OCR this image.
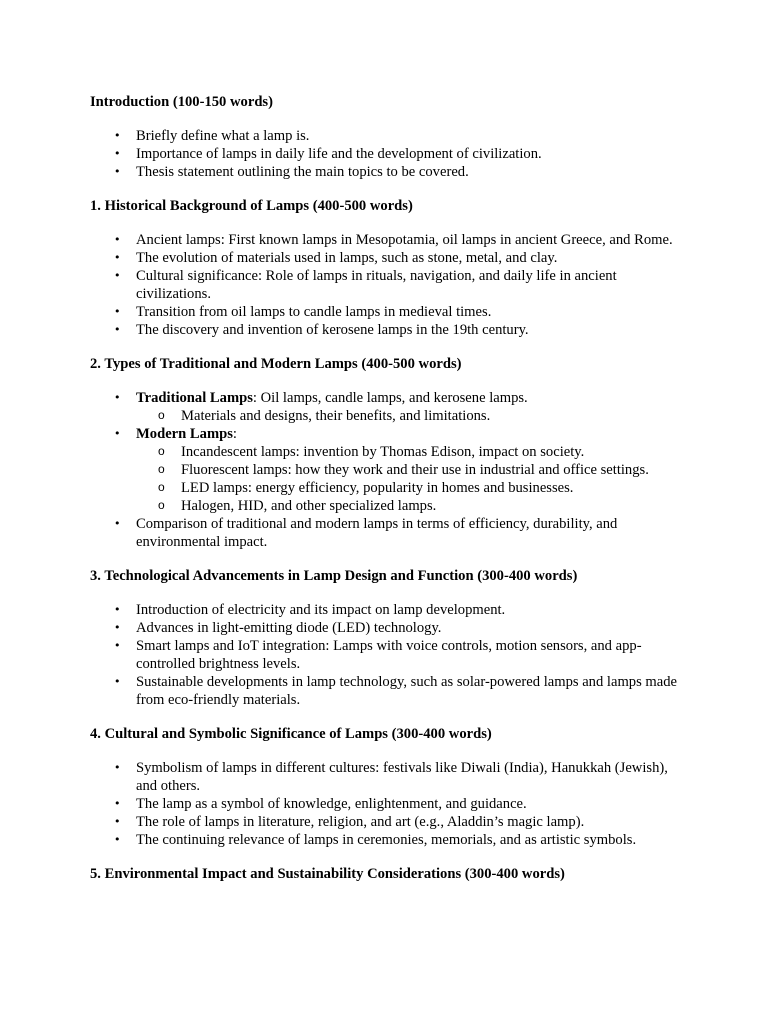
Introduction (100-150 words)

• Briefly define what a lamp is.
• Importance of lamps in daily life and the development of civilization.
• Thesis statement outlining the main topics to be covered.

1. Historical Background of Lamps (400-500 words)

• Ancient lamps: First known lamps in Mesopotamia, oil lamps in ancient Greece, and Rome.
• The evolution of materials used in lamps, such as stone, metal, and clay.
• Cultural significance: Role of lamps in rituals, navigation, and daily life in ancient civilizations.
• Transition from oil lamps to candle lamps in medieval times.
• The discovery and invention of kerosene lamps in the 19th century.

2. Types of Traditional and Modern Lamps (400-500 words)

• Traditional Lamps: Oil lamps, candle lamps, and kerosene lamps.
o Materials and designs, their benefits, and limitations.
• Modern Lamps:
o Incandescent lamps: invention by Thomas Edison, impact on society.
o Fluorescent lamps: how they work and their use in industrial and office settings.
o LED lamps: energy efficiency, popularity in homes and businesses.
o Halogen, HID, and other specialized lamps.
• Comparison of traditional and modern lamps in terms of efficiency, durability, and environmental impact.

3. Technological Advancements in Lamp Design and Function (300-400 words)

• Introduction of electricity and its impact on lamp development.
• Advances in light-emitting diode (LED) technology.
• Smart lamps and IoT integration: Lamps with voice controls, motion sensors, and app-controlled brightness levels.
• Sustainable developments in lamp technology, such as solar-powered lamps and lamps made from eco-friendly materials.

4. Cultural and Symbolic Significance of Lamps (300-400 words)

• Symbolism of lamps in different cultures: festivals like Diwali (India), Hanukkah (Jewish), and others.
• The lamp as a symbol of knowledge, enlightenment, and guidance.
• The role of lamps in literature, religion, and art (e.g., Aladdin’s magic lamp).
• The continuing relevance of lamps in ceremonies, memorials, and as artistic symbols.

5. Environmental Impact and Sustainability Considerations (300-400 words)
